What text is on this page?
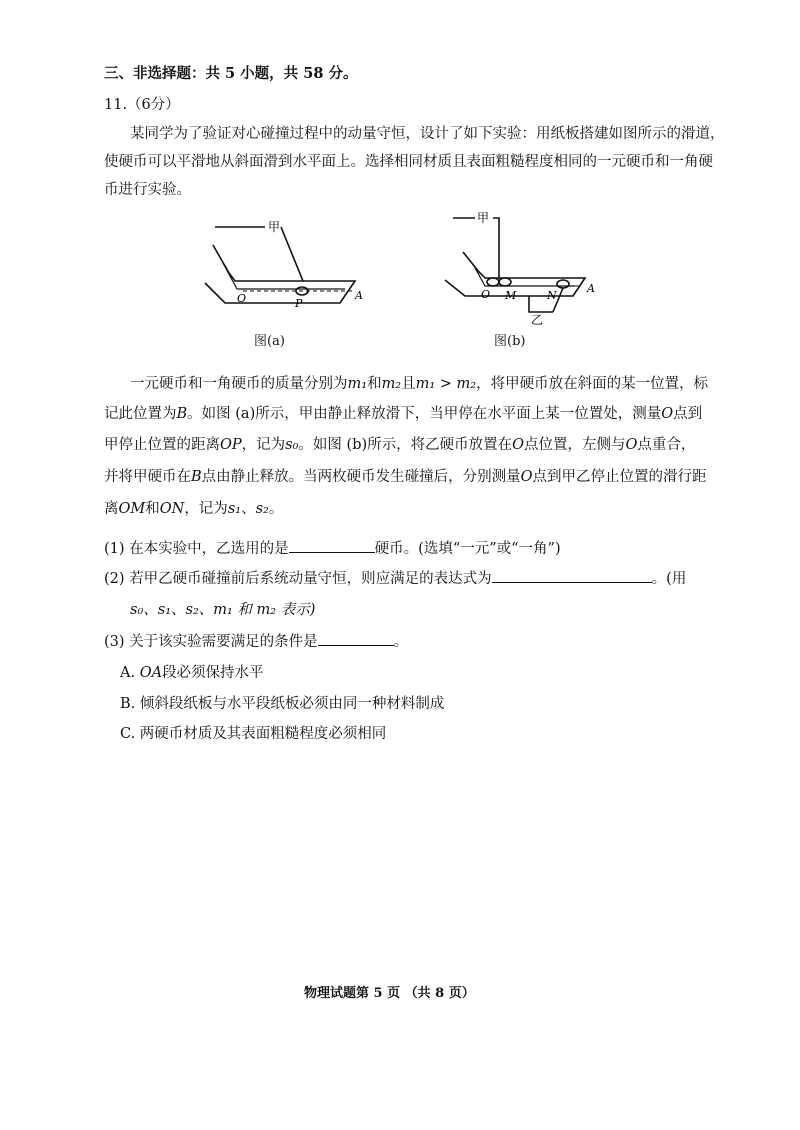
三、非选择题：共 5 小题，共 58 分。
11.（6分）
某同学为了验证对心碰撞过程中的动量守恒，设计了如下实验：用纸板搭建如图所示的滑道，
使硬币可以平滑地从斜面滑到水平面上。选择相同材质且表面粗糙程度相同的一元硬币和一角硬
币进行实验。
甲
O	P
A
图(a)
甲
O M	N
A
乙
图(b)
一元硬币和一角硬币的质量分别为m₁和m₂且m₁ > m₂，将甲硬币放在斜面的某一位置，标
记此位置为B。如图 (a)所示，甲由静止释放滑下，当甲停在水平面上某一位置处，测量O点到
甲停止位置的距离OP，记为s₀。如图 (b)所示，将乙硬币放置在O点位置，左侧与O点重合，
并将甲硬币在B点由静止释放。当两枚硬币发生碰撞后，分别测量O点到甲乙停止位置的滑行距
离OM和ON，记为s₁、s₂。
(1) 在本实验中，乙选用的是	硬币。(选填“一元”或“一角”)
(2) 若甲乙硬币碰撞前后系统动量守恒，则应满足的表达式为	。(用
s₀、s₁、s₂、m₁ 和 m₂ 表示)
(3) 关于该实验需要满足的条件是	。
A. OA段必须保持水平
B. 倾斜段纸板与水平段纸板必须由同一种材料制成
C. 两硬币材质及其表面粗糙程度必须相同
物理试题第 5 页 （共 8 页）
